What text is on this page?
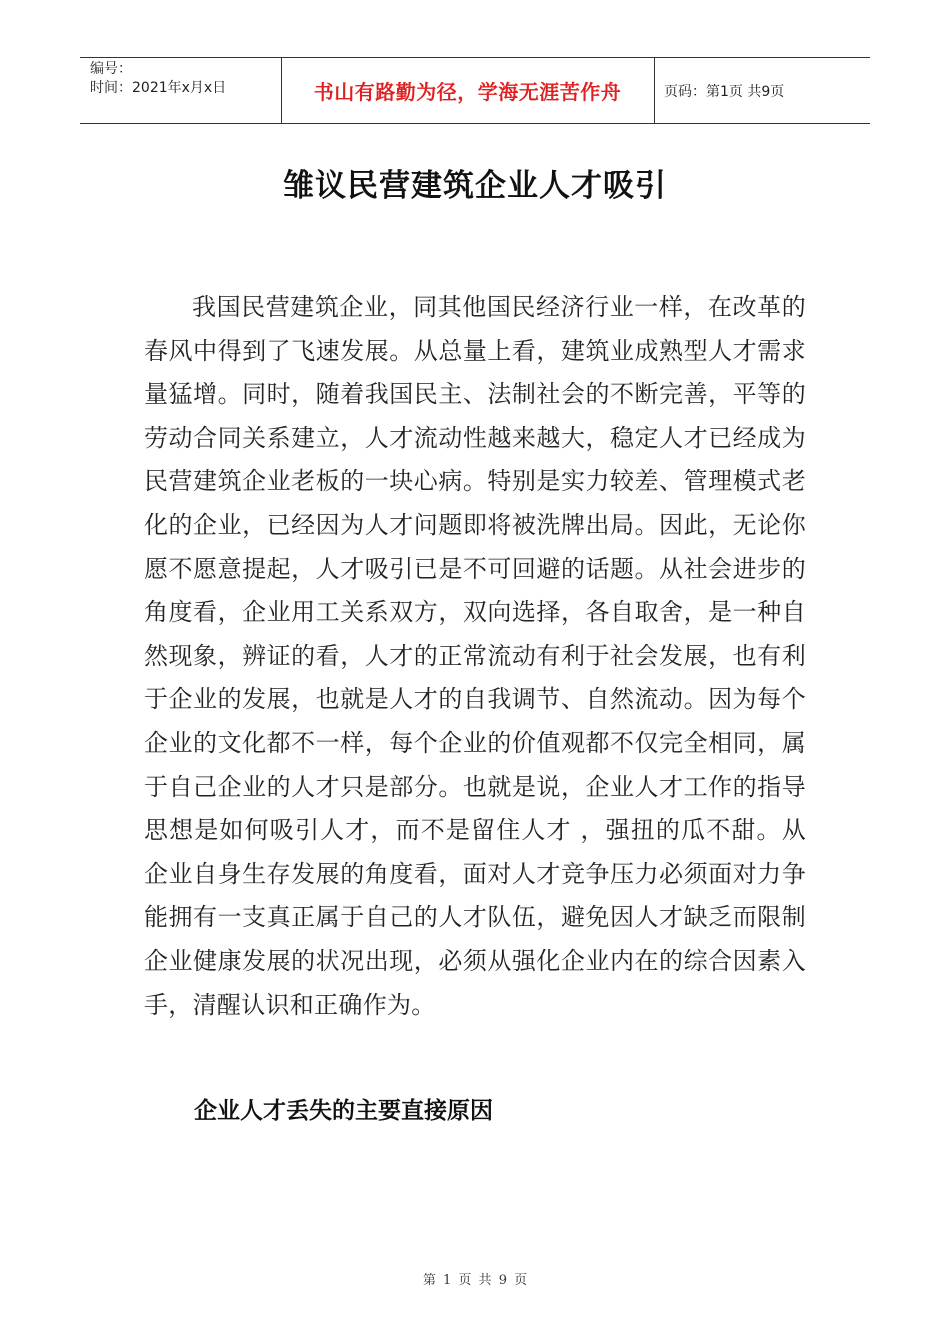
编号：
时间：2021年x月x日	书山有路勤为径，学海无涯苦作舟	页码：第1页 共9页
雏议民营建筑企业人才吸引

我国民营建筑企业，同其他国民经济行业一样，在改革的春风中得到了飞速发展。从总量上看，建筑业成熟型人才需求量猛增。同时，随着我国民主、法制社会的不断完善，平等的劳动合同关系建立，人才流动性越来越大，稳定人才已经成为民营建筑企业老板的一块心病。特别是实力较差、管理模式老化的企业，已经因为人才问题即将被洗牌出局。因此，无论你愿不愿意提起，人才吸引已是不可回避的话题。从社会进步的角度看，企业用工关系双方，双向选择，各自取舍，是一种自然现象，辨证的看，人才的正常流动有利于社会发展，也有利于企业的发展，也就是人才的自我调节、自然流动。因为每个企业的文化都不一样，每个企业的价值观都不仅完全相同，属于自己企业的人才只是部分。也就是说，企业人才工作的指导思想是如何吸引人才，而不是留住人才 ，强扭的瓜不甜。从企业自身生存发展的角度看，面对人才竞争压力必须面对力争能拥有一支真正属于自己的人才队伍，避免因人才缺乏而限制企业健康发展的状况出现，必须从强化企业内在的综合因素入手，清醒认识和正确作为。

企业人才丢失的主要直接原因
第 1 页 共 9 页
